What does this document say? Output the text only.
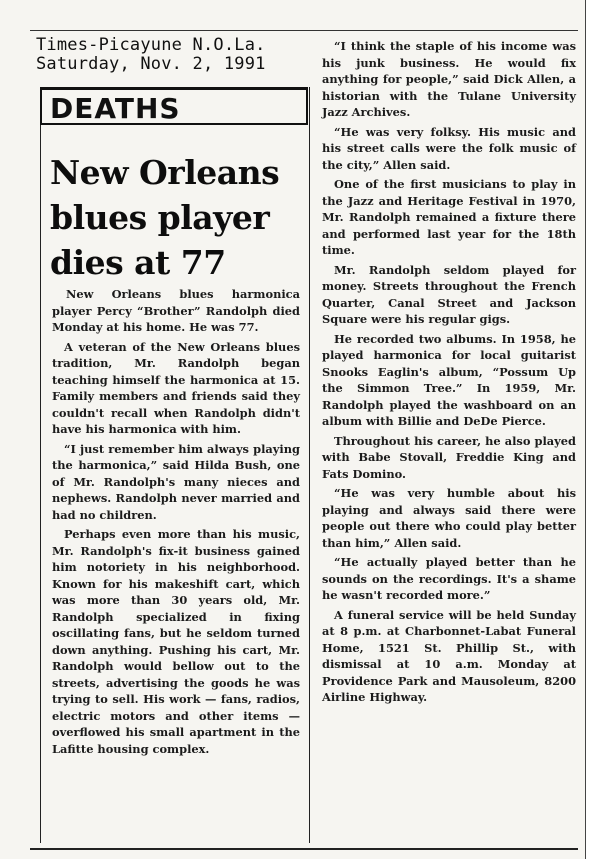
Times-Picayune N.O.La.
Saturday, Nov. 2, 1991
DEATHS
New Orleans blues player dies at 77

New Orleans blues harmonica player Percy “Brother” Randolph died Monday at his home. He was 77.

A veteran of the New Orleans blues tradition, Mr. Randolph began teaching himself the harmonica at 15. Family members and friends said they couldn't recall when Randolph didn't have his harmonica with him.

“I just remember him always playing the harmonica,” said Hilda Bush, one of Mr. Randolph's many nieces and nephews. Randolph never married and had no children.

Perhaps even more than his music, Mr. Randolph's fix-it business gained him notoriety in his neighborhood. Known for his makeshift cart, which was more than 30 years old, Mr. Randolph specialized in fixing oscillating fans, but he seldom turned down anything. Pushing his cart, Mr. Randolph would bellow out to the streets, advertising the goods he was trying to sell. His work — fans, radios, electric motors and other items — overflowed his small apartment in the Lafitte housing complex.

“I think the staple of his income was his junk business. He would fix anything for people,” said Dick Allen, a historian with the Tulane University Jazz Archives.

“He was very folksy. His music and his street calls were the folk music of the city,” Allen said.

One of the first musicians to play in the Jazz and Heritage Festival in 1970, Mr. Randolph remained a fixture there and performed last year for the 18th time.

Mr. Randolph seldom played for money. Streets throughout the French Quarter, Canal Street and Jackson Square were his regular gigs.

He recorded two albums. In 1958, he played harmonica for local guitarist Snooks Eaglin's album, “Possum Up the Simmon Tree.” In 1959, Mr. Randolph played the washboard on an album with Billie and DeDe Pierce.

Throughout his career, he also played with Babe Stovall, Freddie King and Fats Domino.

“He was very humble about his playing and always said there were people out there who could play better than him,” Allen said.

“He actually played better than he sounds on the recordings. It's a shame he wasn't recorded more.”

A funeral service will be held Sunday at 8 p.m. at Charbonnet-Labat Funeral Home, 1521 St. Phillip St., with dismissal at 10 a.m. Monday at Providence Park and Mausoleum, 8200 Airline Highway.
